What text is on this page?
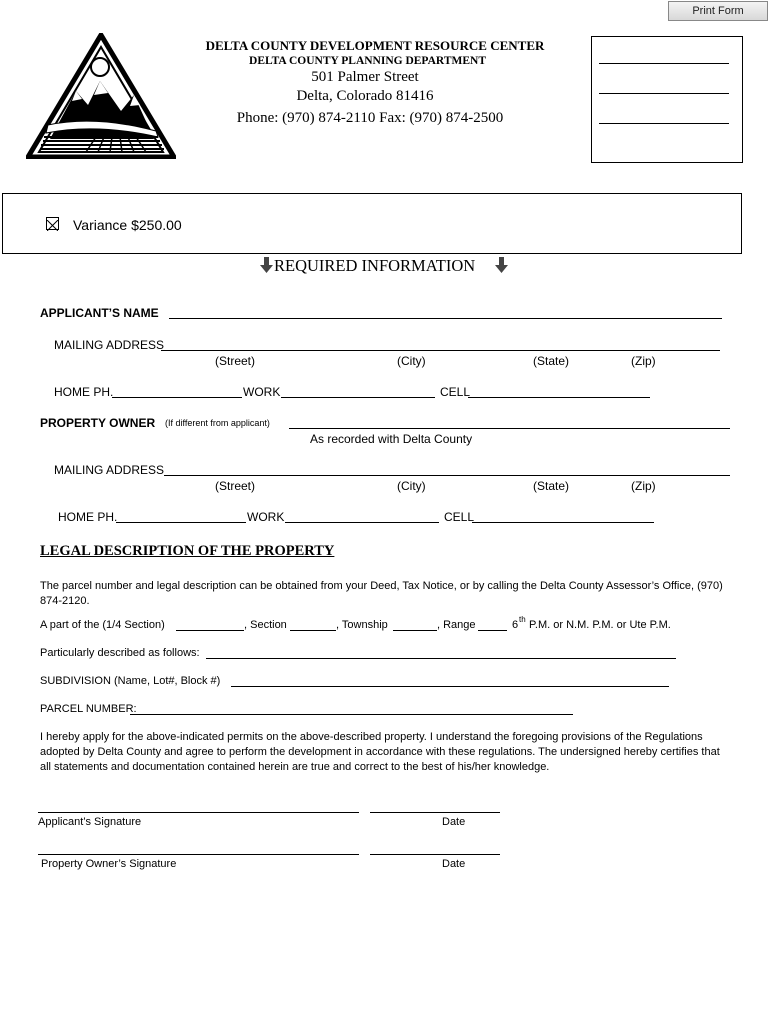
Print Form
DELTA COUNTY DEVELOPMENT RESOURCE CENTER
DELTA COUNTY PLANNING DEPARTMENT
501 Palmer Street
Delta, Colorado 81416
Phone: (970) 874-2110 Fax: (970) 874-2500
Variance $250.00
REQUIRED INFORMATION
APPLICANT’S NAME
MAILING ADDRESS
(Street)	(City)	(State)	(Zip)
HOME PH.	WORK	CELL
PROPERTY OWNER (If different from applicant)
As recorded with Delta County
MAILING ADDRESS
(Street)	(City)	(State)	(Zip)
HOME PH.	WORK	CELL
LEGAL DESCRIPTION OF THE PROPERTY
The parcel number and legal description can be obtained from your Deed, Tax Notice, or by calling the Delta County Assessor’s Office, (970) 874-2120.
A part of the (1/4 Section)	, Section	, Township	, Range	6 th P.M. or N.M. P.M. or Ute P.M.
Particularly described as follows:
SUBDIVISION (Name, Lot#, Block #)
PARCEL NUMBER:
I hereby apply for the above-indicated permits on the above-described property. I understand the foregoing provisions of the Regulations adopted by Delta County and agree to perform the development in accordance with these regulations. The undersigned hereby certifies that all statements and documentation contained herein are true and correct to the best of his/her knowledge.
Applicant’s Signature	Date
Property Owner’s Signature	Date
